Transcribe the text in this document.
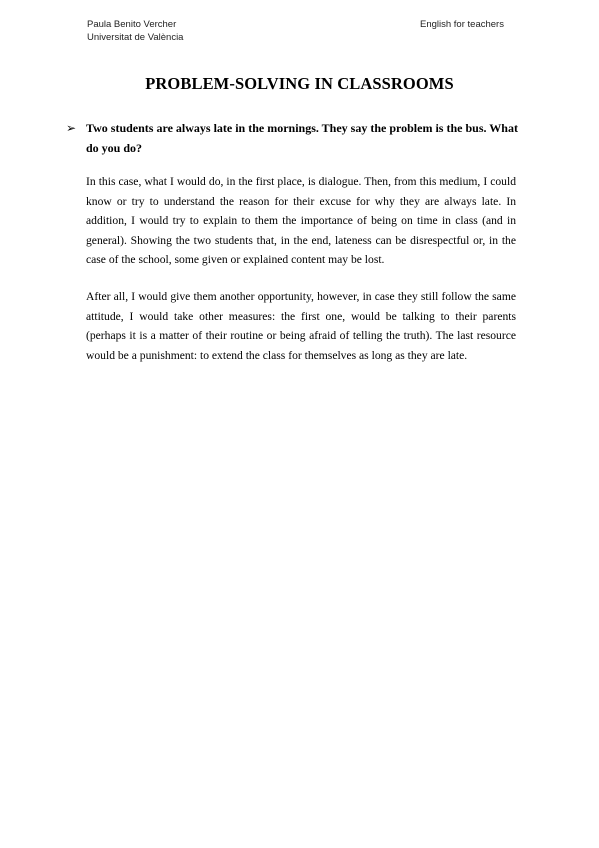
Paula Benito Vercher
Universitat de València
English for teachers
PROBLEM-SOLVING IN CLASSROOMS
➢ Two students are always late in the mornings. They say the problem is the bus. What do you do?

In this case, what I would do, in the first place, is dialogue. Then, from this medium, I could know or try to understand the reason for their excuse for why they are always late. In addition, I would try to explain to them the importance of being on time in class (and in general). Showing the two students that, in the end, lateness can be disrespectful or, in the case of the school, some given or explained content may be lost.

After all, I would give them another opportunity, however, in case they still follow the same attitude, I would take other measures: the first one, would be talking to their parents (perhaps it is a matter of their routine or being afraid of telling the truth). The last resource would be a punishment: to extend the class for themselves as long as they are late.
